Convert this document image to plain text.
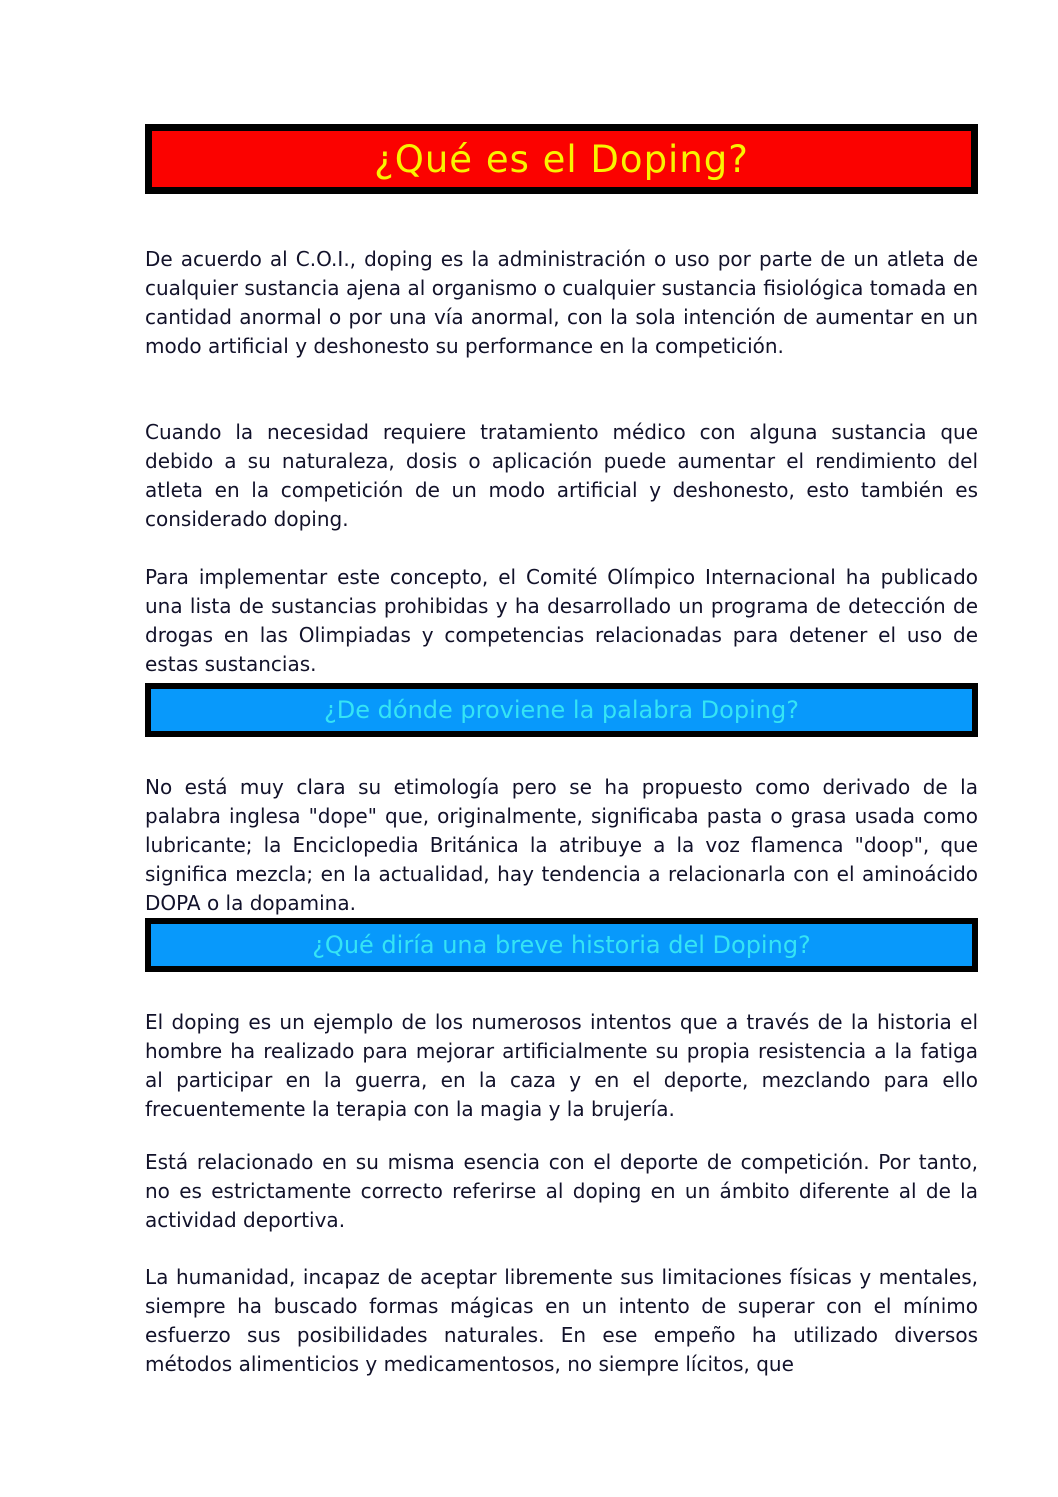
¿Qué es el Doping?

De acuerdo al C.O.I., doping es la administración o uso por parte de un atleta de cualquier sustancia ajena al organismo o cualquier sustancia fisiológica tomada en cantidad anormal o por una vía anormal, con la sola intención de aumentar en un modo artificial y deshonesto su performance en la competición.

Cuando la necesidad requiere tratamiento médico con alguna sustancia que debido a su naturaleza, dosis o aplicación puede aumentar el rendimiento del atleta en la competición de un modo artificial y deshonesto, esto también es considerado doping.

Para implementar este concepto, el Comité Olímpico Internacional ha publicado una lista de sustancias prohibidas y ha desarrollado un programa de detección de drogas en las Olimpiadas y competencias relacionadas para detener el uso de estas sustancias.

¿De dónde proviene la palabra Doping?

No está muy clara su etimología pero se ha propuesto como derivado de la palabra inglesa "dope" que, originalmente, significaba pasta o grasa usada como lubricante; la Enciclopedia Británica la atribuye a la voz flamenca "doop", que significa mezcla; en la actualidad, hay tendencia a relacionarla con el aminoácido DOPA o la dopamina.

¿Qué diría una breve historia del Doping?

El doping es un ejemplo de los numerosos intentos que a través de la historia el hombre ha realizado para mejorar artificialmente su propia resistencia a la fatiga al participar en la guerra, en la caza y en el deporte, mezclando para ello frecuentemente la terapia con la magia y la brujería.

Está relacionado en su misma esencia con el deporte de competición. Por tanto, no es estrictamente correcto referirse al doping en un ámbito diferente al de la actividad deportiva.

La humanidad, incapaz de aceptar libremente sus limitaciones físicas y mentales, siempre ha buscado formas mágicas en un intento de superar con el mínimo esfuerzo sus posibilidades naturales. En ese empeño ha utilizado diversos métodos alimenticios y medicamentosos, no siempre lícitos, que
